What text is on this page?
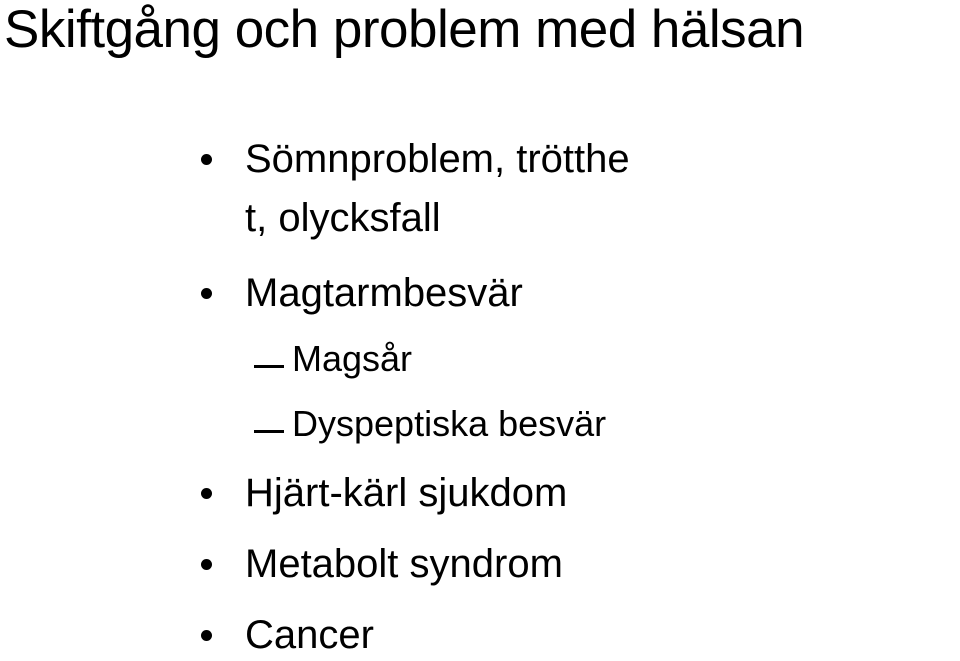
Skiftgång och problem med hälsan
Sömnproblem, trötthe
t, olycksfall
Magtarmbesvär
Magsår
Dyspeptiska besvär
Hjärt-kärl sjukdom
Metabolt syndrom
Cancer
